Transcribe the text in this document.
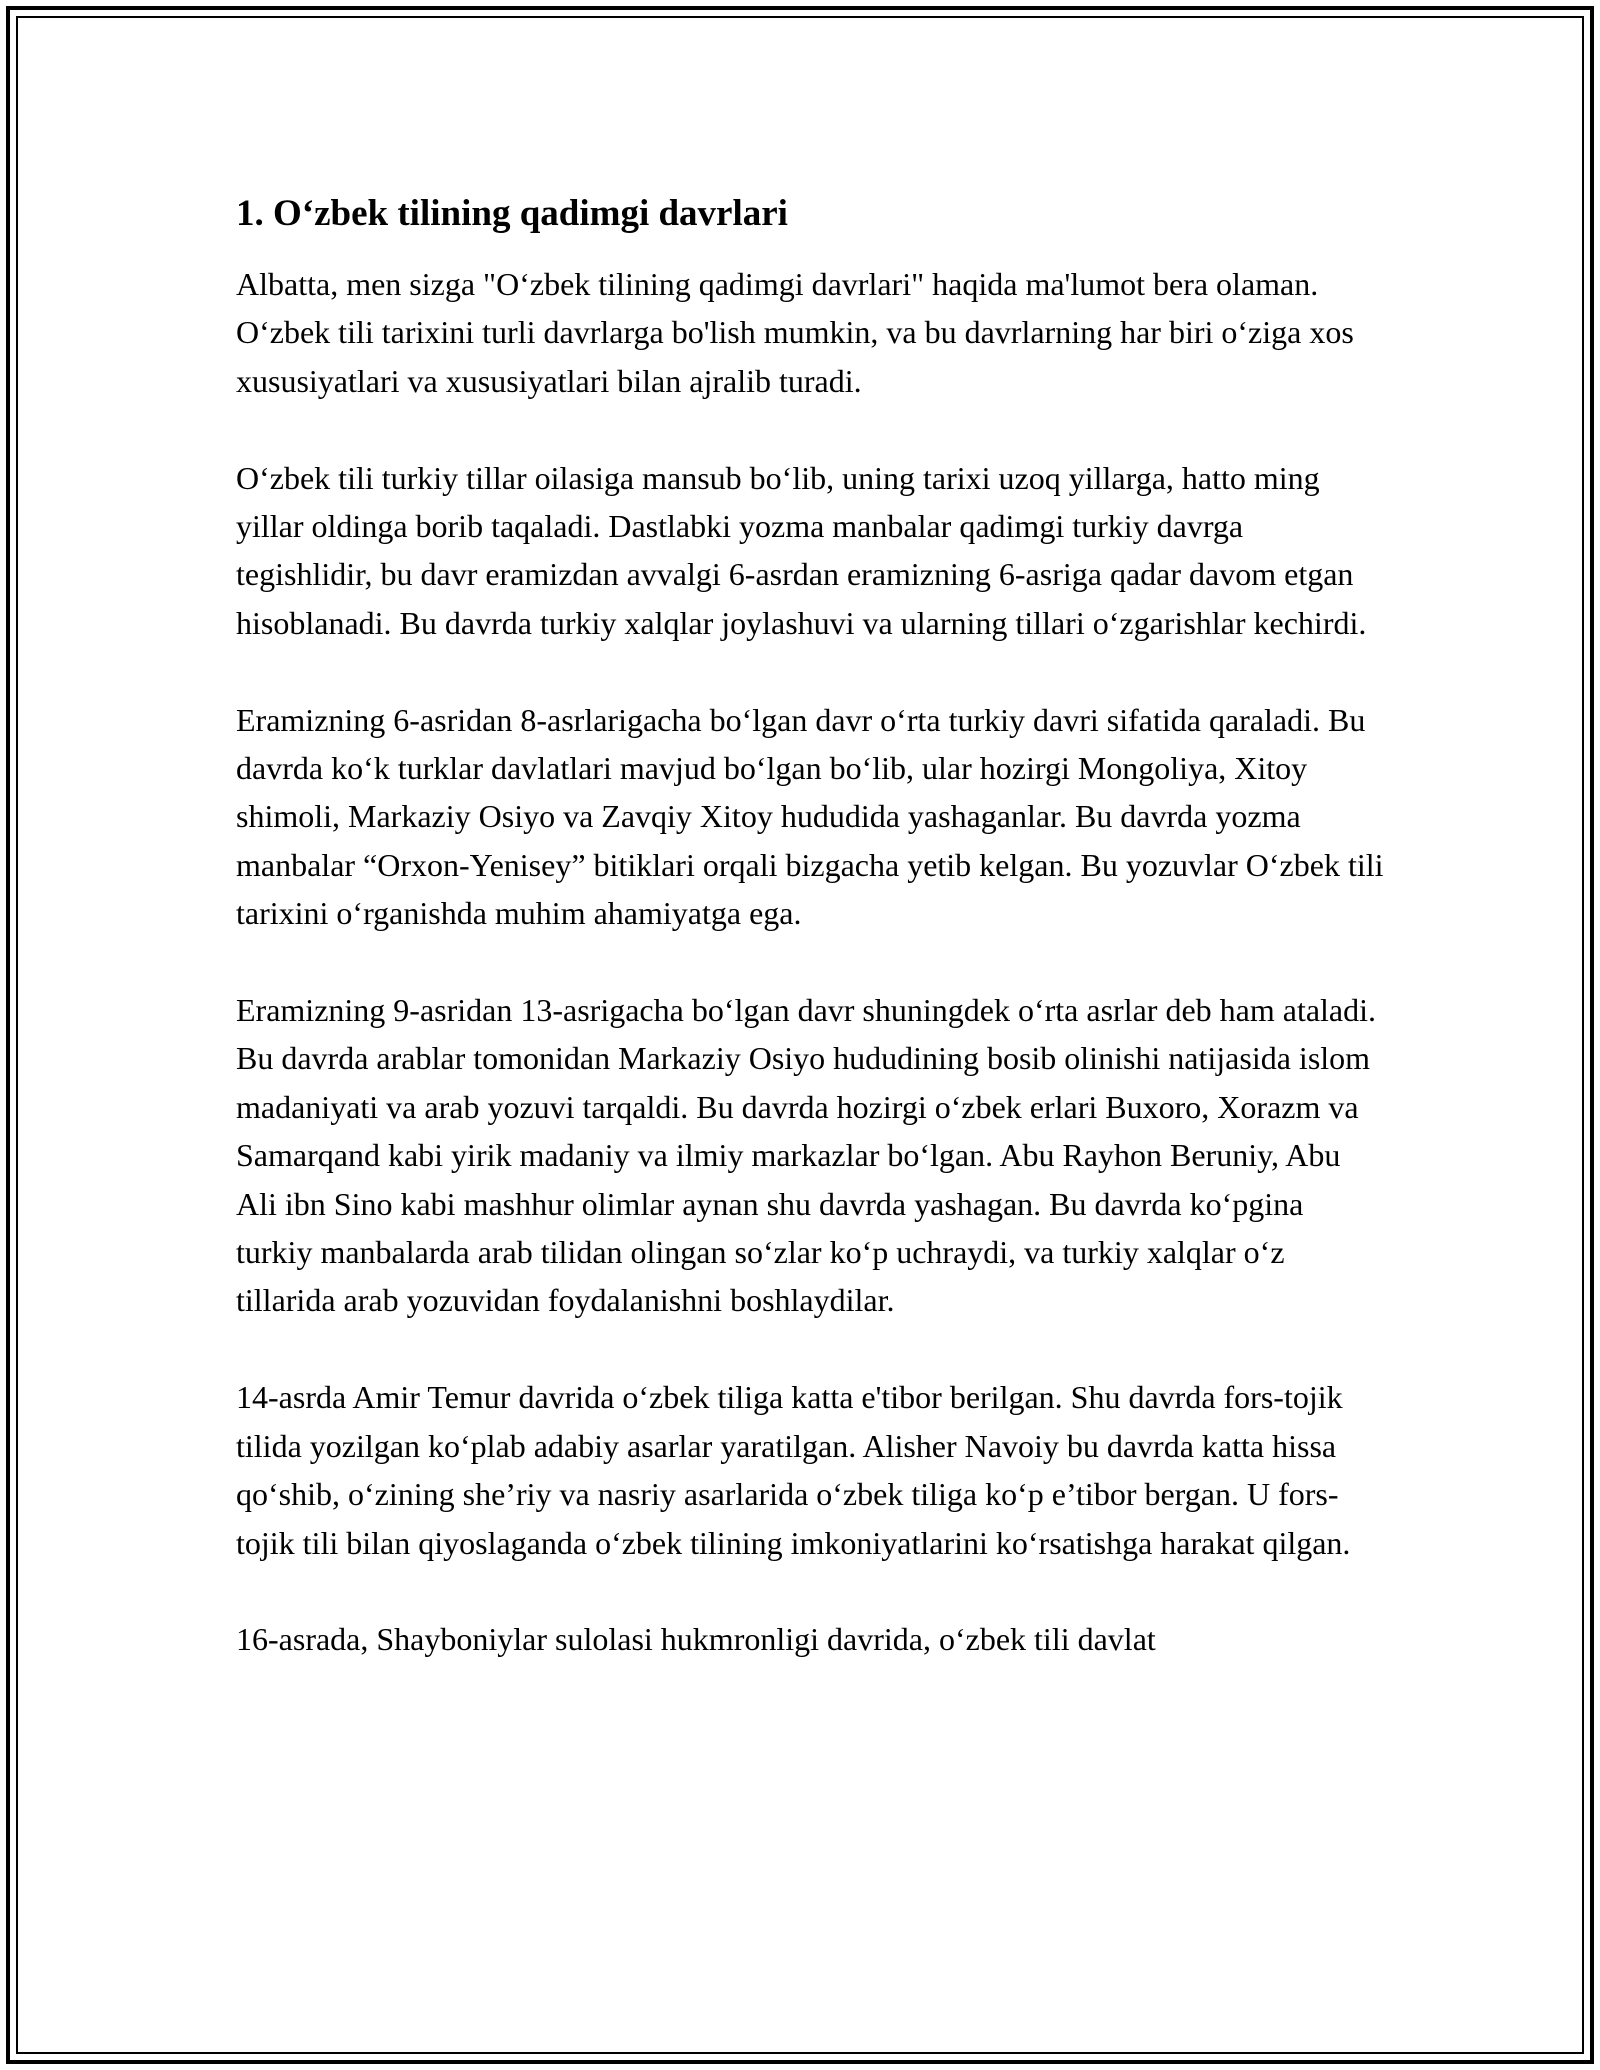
1. O‘zbek tilining qadimgi davrlari

Albatta, men sizga "O‘zbek tilining qadimgi davrlari" haqida ma'lumot bera olaman. O‘zbek tili tarixini turli davrlarga bo'lish mumkin, va bu davrlarning har biri o‘ziga xos xususiyatlari va xususiyatlari bilan ajralib turadi.

O‘zbek tili turkiy tillar oilasiga mansub bo‘lib, uning tarixi uzoq yillarga, hatto ming yillar oldinga borib taqaladi. Dastlabki yozma manbalar qadimgi turkiy davrga tegishlidir, bu davr eramizdan avvalgi 6-asrdan eramizning 6-asriga qadar davom etgan hisoblanadi. Bu davrda turkiy xalqlar joylashuvi va ularning tillari o‘zgarishlar kechirdi.

Eramizning 6-asridan 8-asrlarigacha bo‘lgan davr o‘rta turkiy davri sifatida qaraladi. Bu davrda ko‘k turklar davlatlari mavjud bo‘lgan bo‘lib, ular hozirgi Mongoliya, Xitoy shimoli, Markaziy Osiyo va Zavqiy Xitoy hududida yashaganlar. Bu davrda yozma manbalar “Orxon-Yenisey” bitiklari orqali bizgacha yetib kelgan. Bu yozuvlar O‘zbek tili tarixini o‘rganishda muhim ahamiyatga ega.

Eramizning 9-asridan 13-asrigacha bo‘lgan davr shuningdek o‘rta asrlar deb ham ataladi. Bu davrda arablar tomonidan Markaziy Osiyo hududining bosib olinishi natijasida islom madaniyati va arab yozuvi tarqaldi. Bu davrda hozirgi o‘zbek erlari Buxoro, Xorazm va Samarqand kabi yirik madaniy va ilmiy markazlar bo‘lgan. Abu Rayhon Beruniy, Abu Ali ibn Sino kabi mashhur olimlar aynan shu davrda yashagan. Bu davrda ko‘pgina turkiy manbalarda arab tilidan olingan so‘zlar ko‘p uchraydi, va turkiy xalqlar o‘z tillarida arab yozuvidan foydalanishni boshlaydilar.

14-asrda Amir Temur davrida o‘zbek tiliga katta e'tibor berilgan. Shu davrda fors-tojik tilida yozilgan ko‘plab adabiy asarlar yaratilgan. Alisher Navoiy bu davrda katta hissa qo‘shib, o‘zining she’riy va nasriy asarlarida o‘zbek tiliga ko‘p e’tibor bergan. U fors-tojik tili bilan qiyoslaganda o‘zbek tilining imkoniyatlarini ko‘rsatishga harakat qilgan.

16-asrada, Shayboniylar sulolasi hukmronligi davrida, o‘zbek tili davlat
